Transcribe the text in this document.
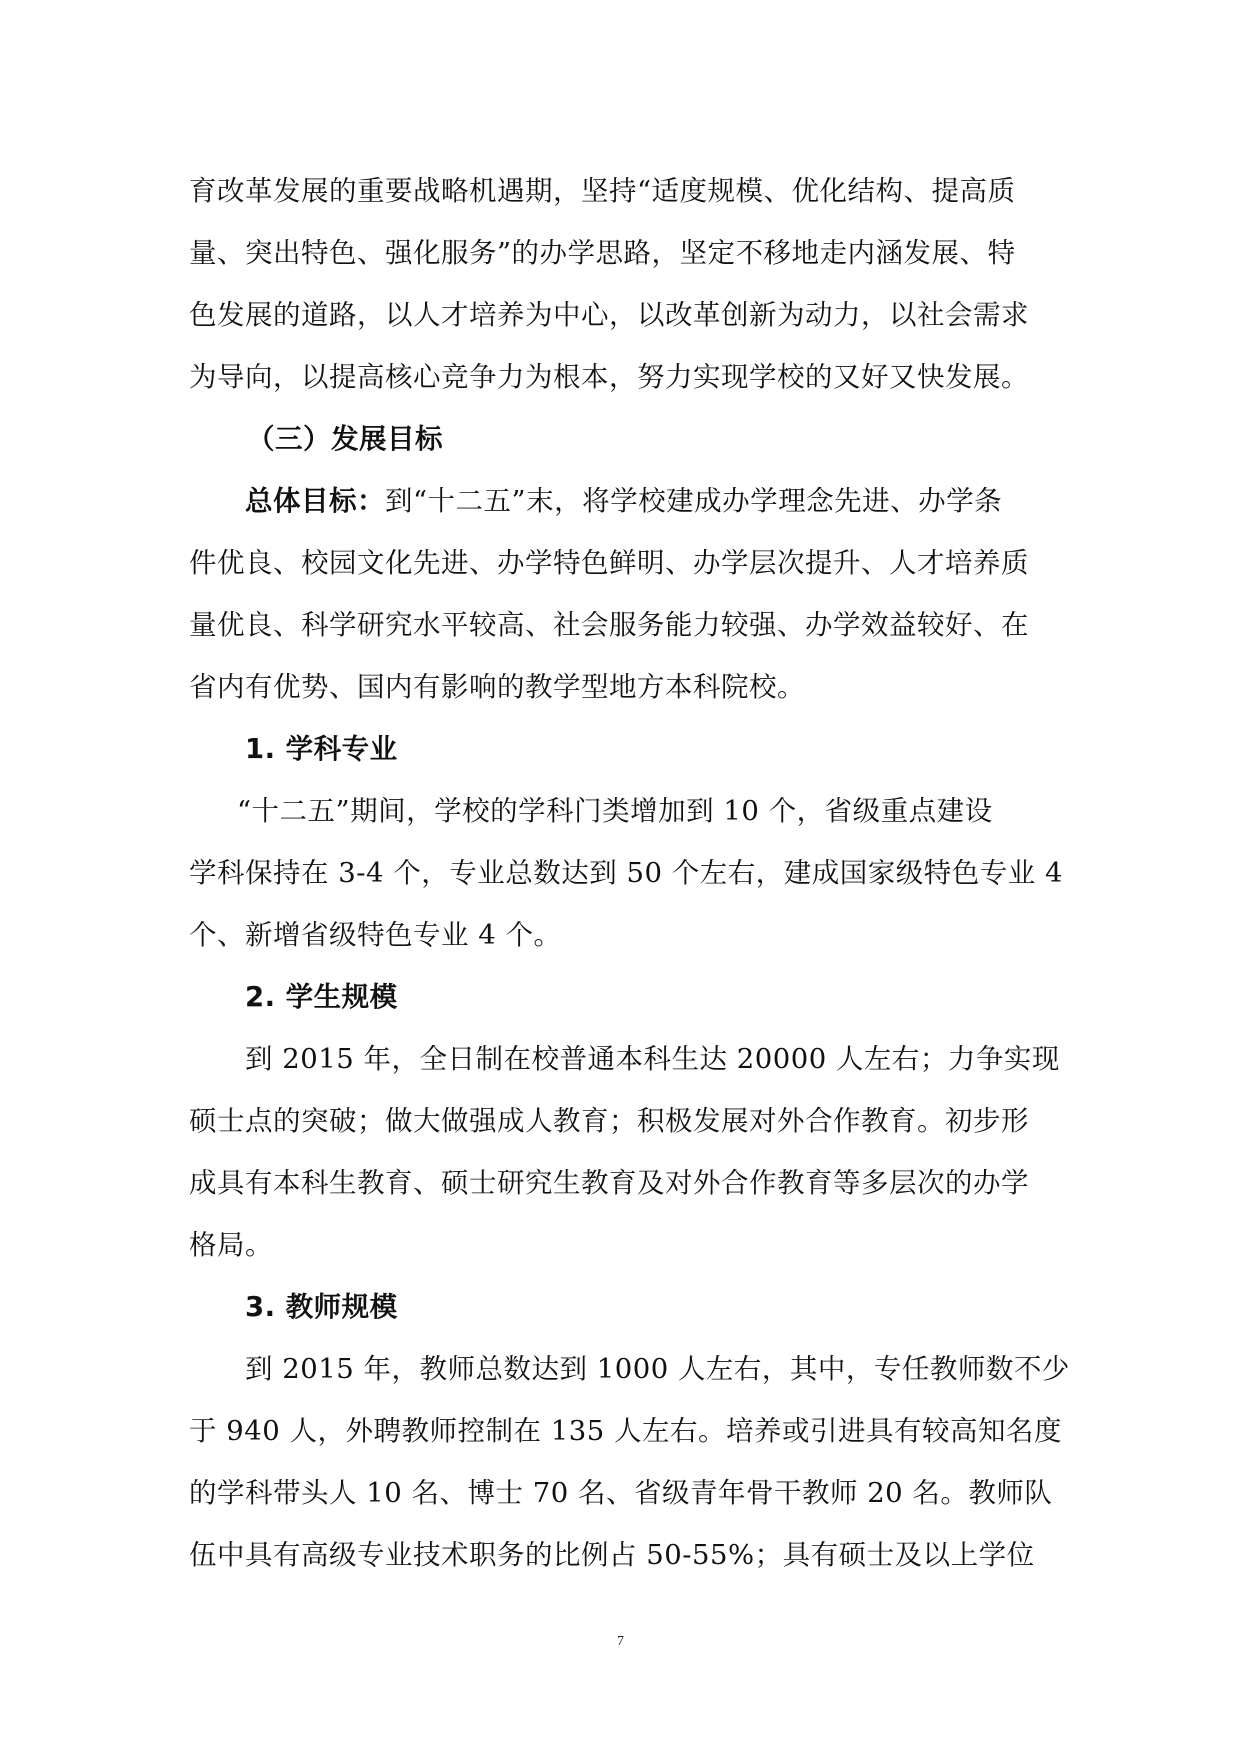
育改革发展的重要战略机遇期，坚持“适度规模、优化结构、提高质
量、突出特色、强化服务”的办学思路，坚定不移地走内涵发展、特
色发展的道路，以人才培养为中心，以改革创新为动力，以社会需求
为导向，以提高核心竞争力为根本，努力实现学校的又好又快发展。
（三）发展目标
总体目标：到“十二五”末，将学校建成办学理念先进、办学条
件优良、校园文化先进、办学特色鲜明、办学层次提升、人才培养质
量优良、科学研究水平较高、社会服务能力较强、办学效益较好、在
省内有优势、国内有影响的教学型地方本科院校。
1. 学科专业
“十二五”期间，学校的学科门类增加到 10 个，省级重点建设
学科保持在 3-4 个，专业总数达到 50 个左右，建成国家级特色专业 4
个、新增省级特色专业 4 个。
2. 学生规模
到 2015 年，全日制在校普通本科生达 20000 人左右；力争实现
硕士点的突破；做大做强成人教育；积极发展对外合作教育。初步形
成具有本科生教育、硕士研究生教育及对外合作教育等多层次的办学
格局。
3. 教师规模
到 2015 年，教师总数达到 1000 人左右，其中，专任教师数不少
于 940 人，外聘教师控制在 135 人左右。培养或引进具有较高知名度
的学科带头人 10 名、博士 70 名、省级青年骨干教师 20 名。教师队
伍中具有高级专业技术职务的比例占 50-55%；具有硕士及以上学位
7
